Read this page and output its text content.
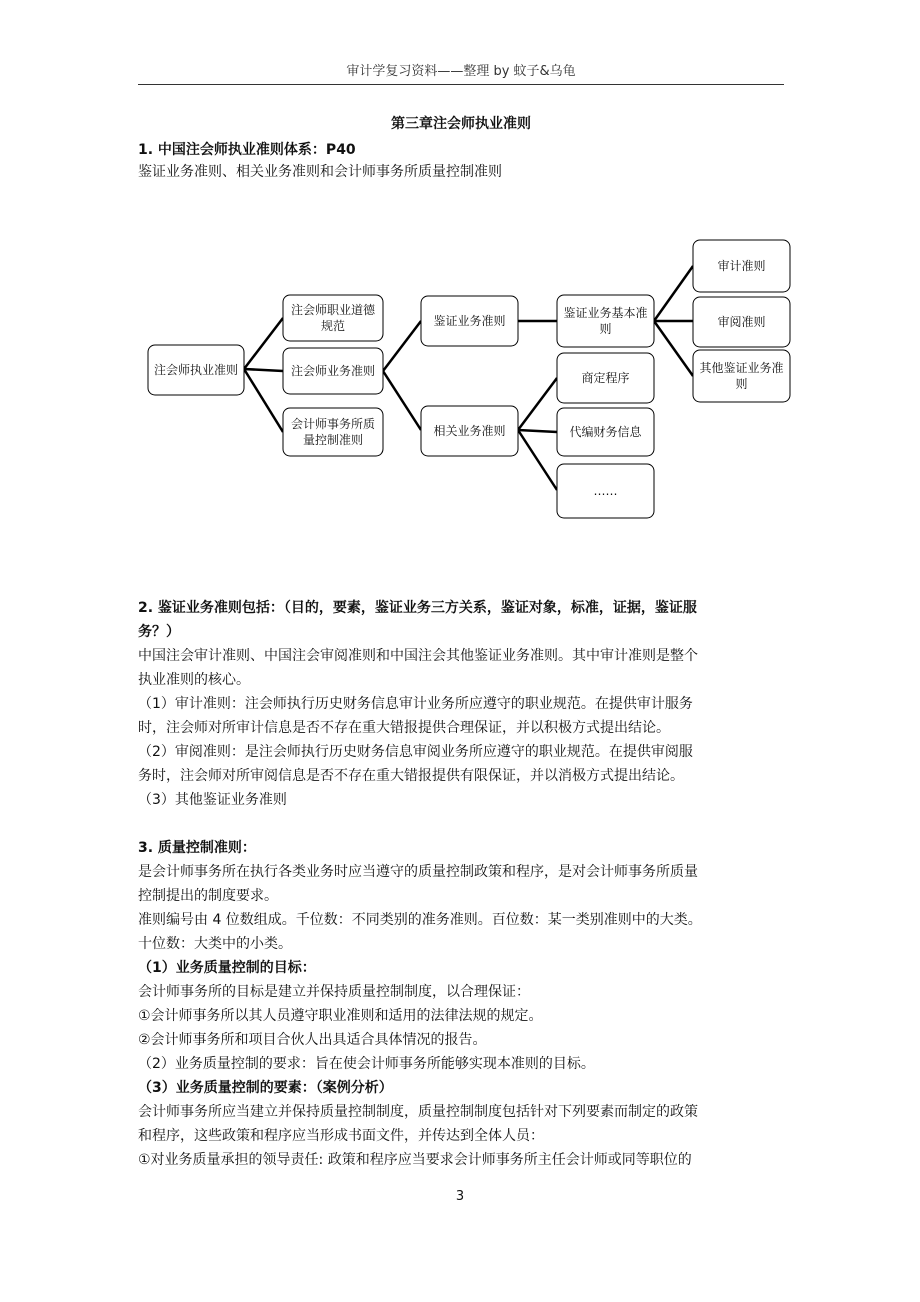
审计学复习资料——整理 by 蚊子&乌龟
第三章注会师执业准则
1. 中国注会师执业准则体系：P40
鉴证业务准则、相关业务准则和会计师事务所质量控制准则
注会师执业准则
注会师职业道德规范
注会师业务准则
会计师事务所质量控制准则
鉴证业务准则
相关业务准则
鉴证业务基本准则
商定程序
代编财务信息
……
审计准则
审阅准则
其他鉴证业务准则
2. 鉴证业务准则包括：（目的，要素，鉴证业务三方关系，鉴证对象，标准，证据，鉴证服
务？）
中国注会审计准则、中国注会审阅准则和中国注会其他鉴证业务准则。其中审计准则是整个
执业准则的核心。
（1）审计准则：注会师执行历史财务信息审计业务所应遵守的职业规范。在提供审计服务
时，注会师对所审计信息是否不存在重大错报提供合理保证，并以积极方式提出结论。
（2）审阅准则：是注会师执行历史财务信息审阅业务所应遵守的职业规范。在提供审阅服
务时，注会师对所审阅信息是否不存在重大错报提供有限保证，并以消极方式提出结论。
（3）其他鉴证业务准则
3. 质量控制准则：
是会计师事务所在执行各类业务时应当遵守的质量控制政策和程序，是对会计师事务所质量
控制提出的制度要求。
准则编号由 4 位数组成。千位数：不同类别的准务准则。百位数：某一类别准则中的大类。
十位数：大类中的小类。
（1）业务质量控制的目标：
会计师事务所的目标是建立并保持质量控制制度，以合理保证：
①会计师事务所以其人员遵守职业准则和适用的法律法规的规定。
②会计师事务所和项目合伙人出具适合具体情况的报告。
（2）业务质量控制的要求：旨在使会计师事务所能够实现本准则的目标。
（3）业务质量控制的要素：（案例分析）
会计师事务所应当建立并保持质量控制制度，质量控制制度包括针对下列要素而制定的政策
和程序，这些政策和程序应当形成书面文件，并传达到全体人员：
①对业务质量承担的领导责任: 政策和程序应当要求会计师事务所主任会计师或同等职位的
3
